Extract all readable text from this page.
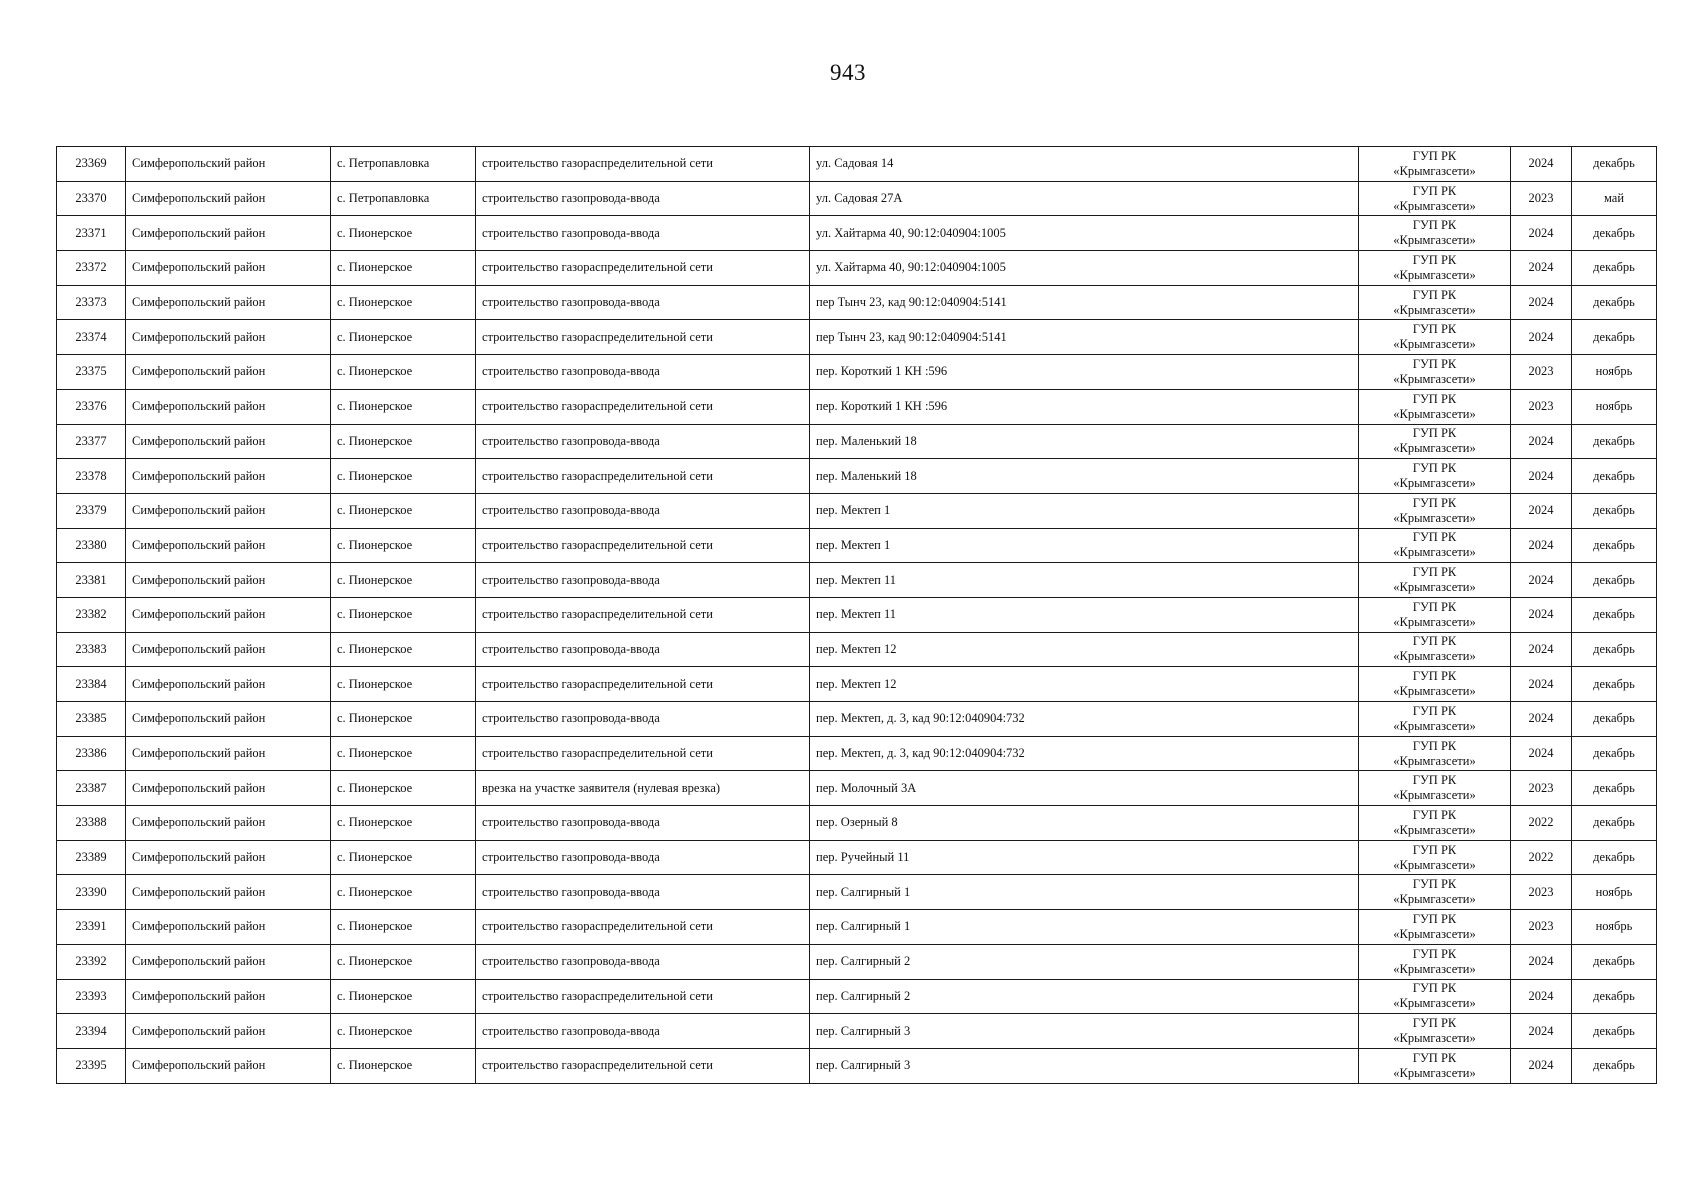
943
23369	Симферопольский район	с. Петропавловка	строительство газораспределительной сети	ул. Садовая 14	ГУП РК
«Крымгазсети»	2024	декабрь
23370	Симферопольский район	с. Петропавловка	строительство газопровода-ввода	ул. Садовая 27А	ГУП РК
«Крымгазсети»	2023	май
23371	Симферопольский район	с. Пионерское	строительство газопровода-ввода	ул. Хайтарма 40, 90:12:040904:1005	ГУП РК
«Крымгазсети»	2024	декабрь
23372	Симферопольский район	с. Пионерское	строительство газораспределительной сети	ул. Хайтарма 40, 90:12:040904:1005	ГУП РК
«Крымгазсети»	2024	декабрь
23373	Симферопольский район	с. Пионерское	строительство газопровода-ввода	пер Тынч 23, кад 90:12:040904:5141	ГУП РК
«Крымгазсети»	2024	декабрь
23374	Симферопольский район	с. Пионерское	строительство газораспределительной сети	пер Тынч 23, кад 90:12:040904:5141	ГУП РК
«Крымгазсети»	2024	декабрь
23375	Симферопольский район	с. Пионерское	строительство газопровода-ввода	пер. Короткий 1 КН :596	ГУП РК
«Крымгазсети»	2023	ноябрь
23376	Симферопольский район	с. Пионерское	строительство газораспределительной сети	пер. Короткий 1 КН :596	ГУП РК
«Крымгазсети»	2023	ноябрь
23377	Симферопольский район	с. Пионерское	строительство газопровода-ввода	пер. Маленький 18	ГУП РК
«Крымгазсети»	2024	декабрь
23378	Симферопольский район	с. Пионерское	строительство газораспределительной сети	пер. Маленький 18	ГУП РК
«Крымгазсети»	2024	декабрь
23379	Симферопольский район	с. Пионерское	строительство газопровода-ввода	пер. Мектеп 1	ГУП РК
«Крымгазсети»	2024	декабрь
23380	Симферопольский район	с. Пионерское	строительство газораспределительной сети	пер. Мектеп 1	ГУП РК
«Крымгазсети»	2024	декабрь
23381	Симферопольский район	с. Пионерское	строительство газопровода-ввода	пер. Мектеп 11	ГУП РК
«Крымгазсети»	2024	декабрь
23382	Симферопольский район	с. Пионерское	строительство газораспределительной сети	пер. Мектеп 11	ГУП РК
«Крымгазсети»	2024	декабрь
23383	Симферопольский район	с. Пионерское	строительство газопровода-ввода	пер. Мектеп 12	ГУП РК
«Крымгазсети»	2024	декабрь
23384	Симферопольский район	с. Пионерское	строительство газораспределительной сети	пер. Мектеп 12	ГУП РК
«Крымгазсети»	2024	декабрь
23385	Симферопольский район	с. Пионерское	строительство газопровода-ввода	пер. Мектеп, д. 3, кад 90:12:040904:732	ГУП РК
«Крымгазсети»	2024	декабрь
23386	Симферопольский район	с. Пионерское	строительство газораспределительной сети	пер. Мектеп, д. 3, кад 90:12:040904:732	ГУП РК
«Крымгазсети»	2024	декабрь
23387	Симферопольский район	с. Пионерское	врезка на участке заявителя (нулевая врезка)	пер. Молочный 3А	ГУП РК
«Крымгазсети»	2023	декабрь
23388	Симферопольский район	с. Пионерское	строительство газопровода-ввода	пер. Озерный 8	ГУП РК
«Крымгазсети»	2022	декабрь
23389	Симферопольский район	с. Пионерское	строительство газопровода-ввода	пер. Ручейный 11	ГУП РК
«Крымгазсети»	2022	декабрь
23390	Симферопольский район	с. Пионерское	строительство газопровода-ввода	пер. Салгирный 1	ГУП РК
«Крымгазсети»	2023	ноябрь
23391	Симферопольский район	с. Пионерское	строительство газораспределительной сети	пер. Салгирный 1	ГУП РК
«Крымгазсети»	2023	ноябрь
23392	Симферопольский район	с. Пионерское	строительство газопровода-ввода	пер. Салгирный 2	ГУП РК
«Крымгазсети»	2024	декабрь
23393	Симферопольский район	с. Пионерское	строительство газораспределительной сети	пер. Салгирный 2	ГУП РК
«Крымгазсети»	2024	декабрь
23394	Симферопольский район	с. Пионерское	строительство газопровода-ввода	пер. Салгирный 3	ГУП РК
«Крымгазсети»	2024	декабрь
23395	Симферопольский район	с. Пионерское	строительство газораспределительной сети	пер. Салгирный 3	ГУП РК
«Крымгазсети»	2024	декабрь
